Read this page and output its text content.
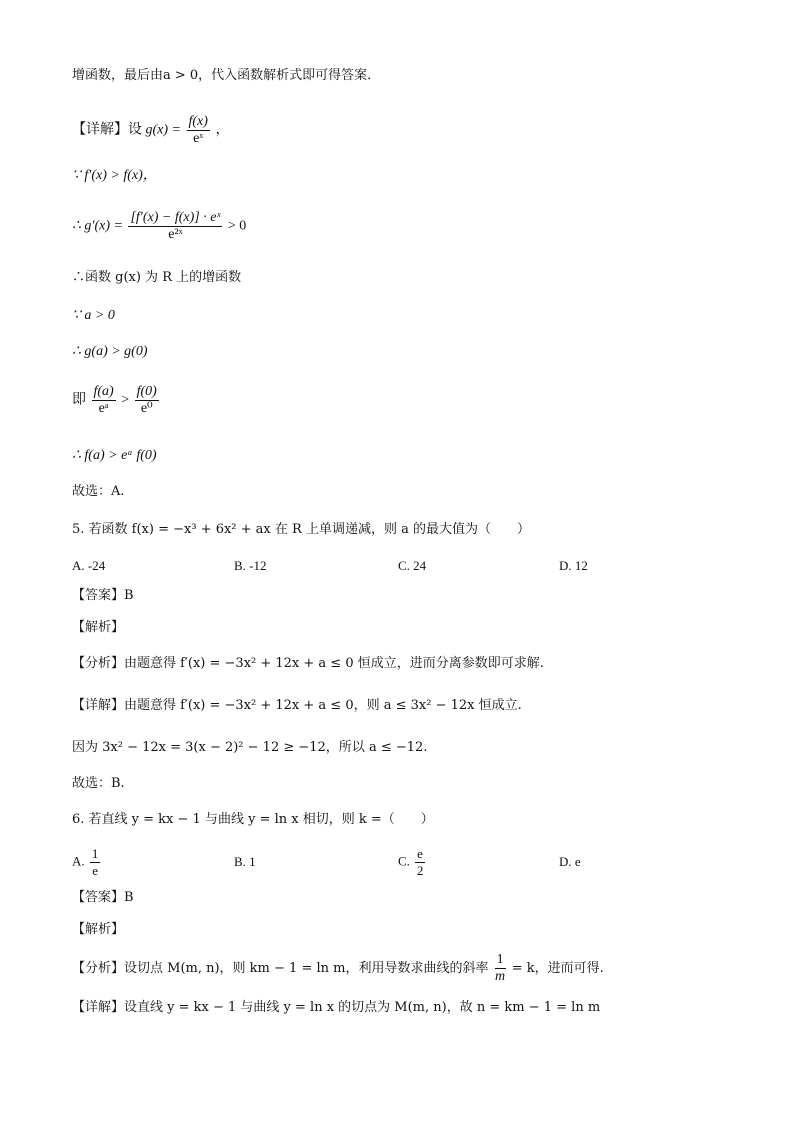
增函数，最后由a > 0，代入函数解析式即可得答案．
【详解】设 $g(x) = \frac{f(x)}{\text{eˣ}}$ ，
∵ f′(x) > f(x)，
∴ $g'(x) = \frac{\text{[f′(x) − f(x)] · eˣ}}{\text{e²ˣ}} > 0$
∴函数 g(x) 为 R 上的增函数
∵ a > 0
∴ g(a) > g(0)
即 $\frac{f(a)}{\text{eᵃ}} > \frac{f(0)}{\text{e⁰}}$
∴ f(a) > eᵃ f(0)
故选：A.
5. 若函数 f(x) = −x³ + 6x² + ax 在 R 上单调递减，则 a 的最大值为（　　）
A. -24	B. -12	C. 24	D. 12
【答案】B
【解析】
【分析】由题意得 f′(x) = −3x² + 12x + a ≤ 0 恒成立，进而分离参数即可求解.
【详解】由题意得 f′(x) = −3x² + 12x + a ≤ 0，则 a ≤ 3x² − 12x 恒成立.
因为 3x² − 12x = 3(x − 2)² − 12 ≥ −12，所以 a ≤ −12.
故选：B.
6. 若直线 y = kx − 1 与曲线 y = ln x 相切，则 k =（　　）
A. $\frac{1}{e}$	B. 1	C. $\frac{e}{2}$	D. e
【答案】B
【解析】
【分析】设切点 M(m, n)，则 km − 1 = ln m，利用导数求曲线的斜率 $\frac{1}{m} = k$，进而可得.
【详解】设直线 y = kx − 1 与曲线 y = ln x 的切点为 M(m, n)，故 n = km − 1 = ln m
